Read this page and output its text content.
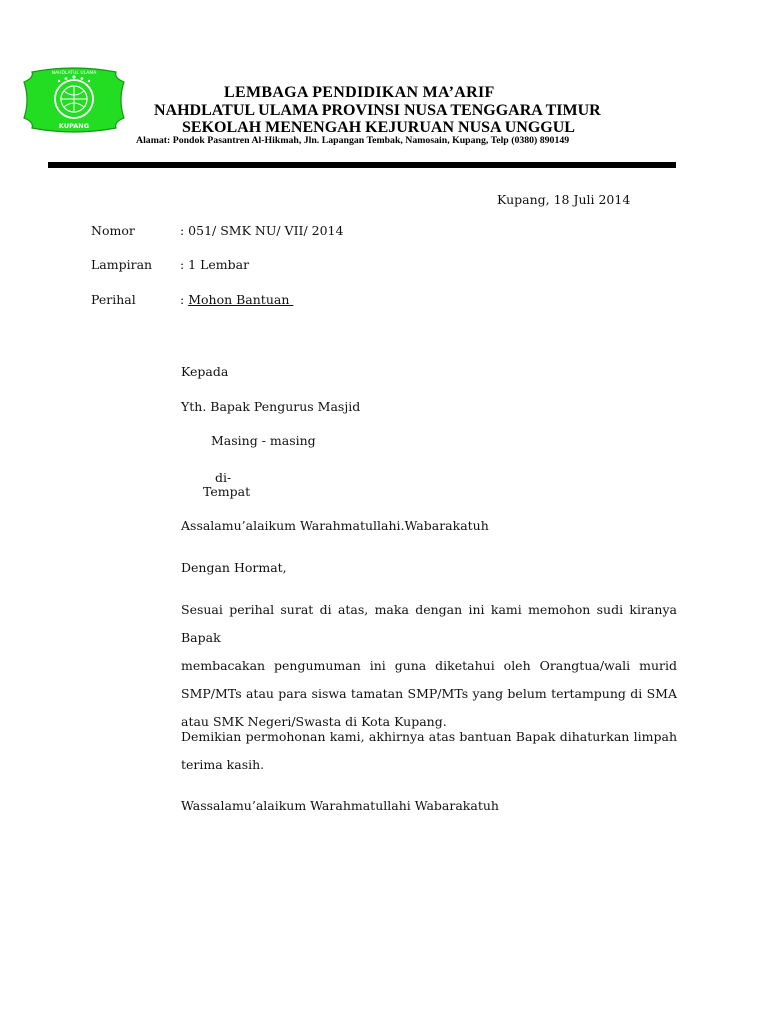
KUPANG
NAHDLATUL ULAMA
LEMBAGA PENDIDIKAN MA’ARIF
NAHDLATUL ULAMA PROVINSI NUSA TENGGARA TIMUR
SEKOLAH MENENGAH KEJURUAN NUSA UNGGUL
Alamat: Pondok Pasantren Al-Hikmah, Jln. Lapangan Tembak, Namosain, Kupang, Telp (0380) 890149
Kupang, 18 Juli 2014
Nomor	: 051/ SMK NU/ VII/ 2014
Lampiran : 1 Lembar
Perihal	: Mohon Bantuan
Kepada
Yth. Bapak Pengurus Masjid
Masing - masing
di-
Tempat
Assalamu’alaikum Warahmatullahi.Wabarakatuh
Dengan Hormat,
Sesuai perihal surat di atas, maka dengan ini kami memohon sudi kiranya Bapak
membacakan pengumuman ini guna diketahui oleh Orangtua/wali murid
SMP/MTs atau para siswa tamatan SMP/MTs yang belum tertampung di SMA
atau SMK Negeri/Swasta di Kota Kupang.
Demikian permohonan kami, akhirnya atas bantuan Bapak dihaturkan limpah
terima kasih.
Wassalamu’alaikum Warahmatullahi Wabarakatuh
